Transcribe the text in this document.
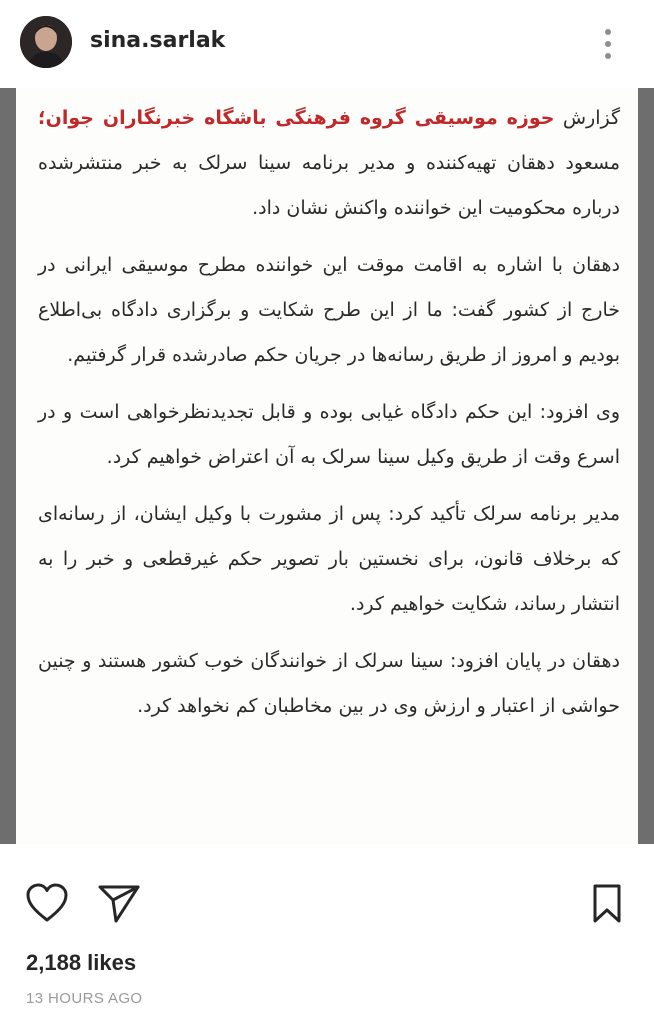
sina.sarlak

گزارش حوزه موسیقی گروه فرهنگی باشگاه خبرنگاران جوان؛ مسعود دهقان تهیه‌کننده و مدیر برنامه سینا سرلک به خبر منتشرشده درباره محکومیت این خواننده واکنش نشان داد.

دهقان با اشاره به اقامت موقت این خواننده مطرح موسیقی ایرانی در خارج از کشور گفت: ما از این طرح شکایت و برگزاری دادگاه بی‌اطلاع بودیم و امروز از طریق رسانه‌ها در جریان حکم صادرشده قرار گرفتیم.

وی افزود: این حکم دادگاه غیابی بوده و قابل تجدیدنظرخواهی است و در اسرع وقت از طریق وکیل سینا سرلک به آن اعتراض خواهیم کرد.

مدیر برنامه سرلک تأکید کرد: پس از مشورت با وکیل ایشان، از رسانه‌ای که برخلاف قانون، برای نخستین بار تصویر حکم غیرقطعی و خبر را به انتشار رساند، شکایت خواهیم کرد.

دهقان در پایان افزود: سینا سرلک از خوانندگان خوب کشور هستند و چنین حواشی از اعتبار و ارزش وی در بین مخاطبان کم نخواهد کرد.

2,188 likes
13 HOURS AGO
